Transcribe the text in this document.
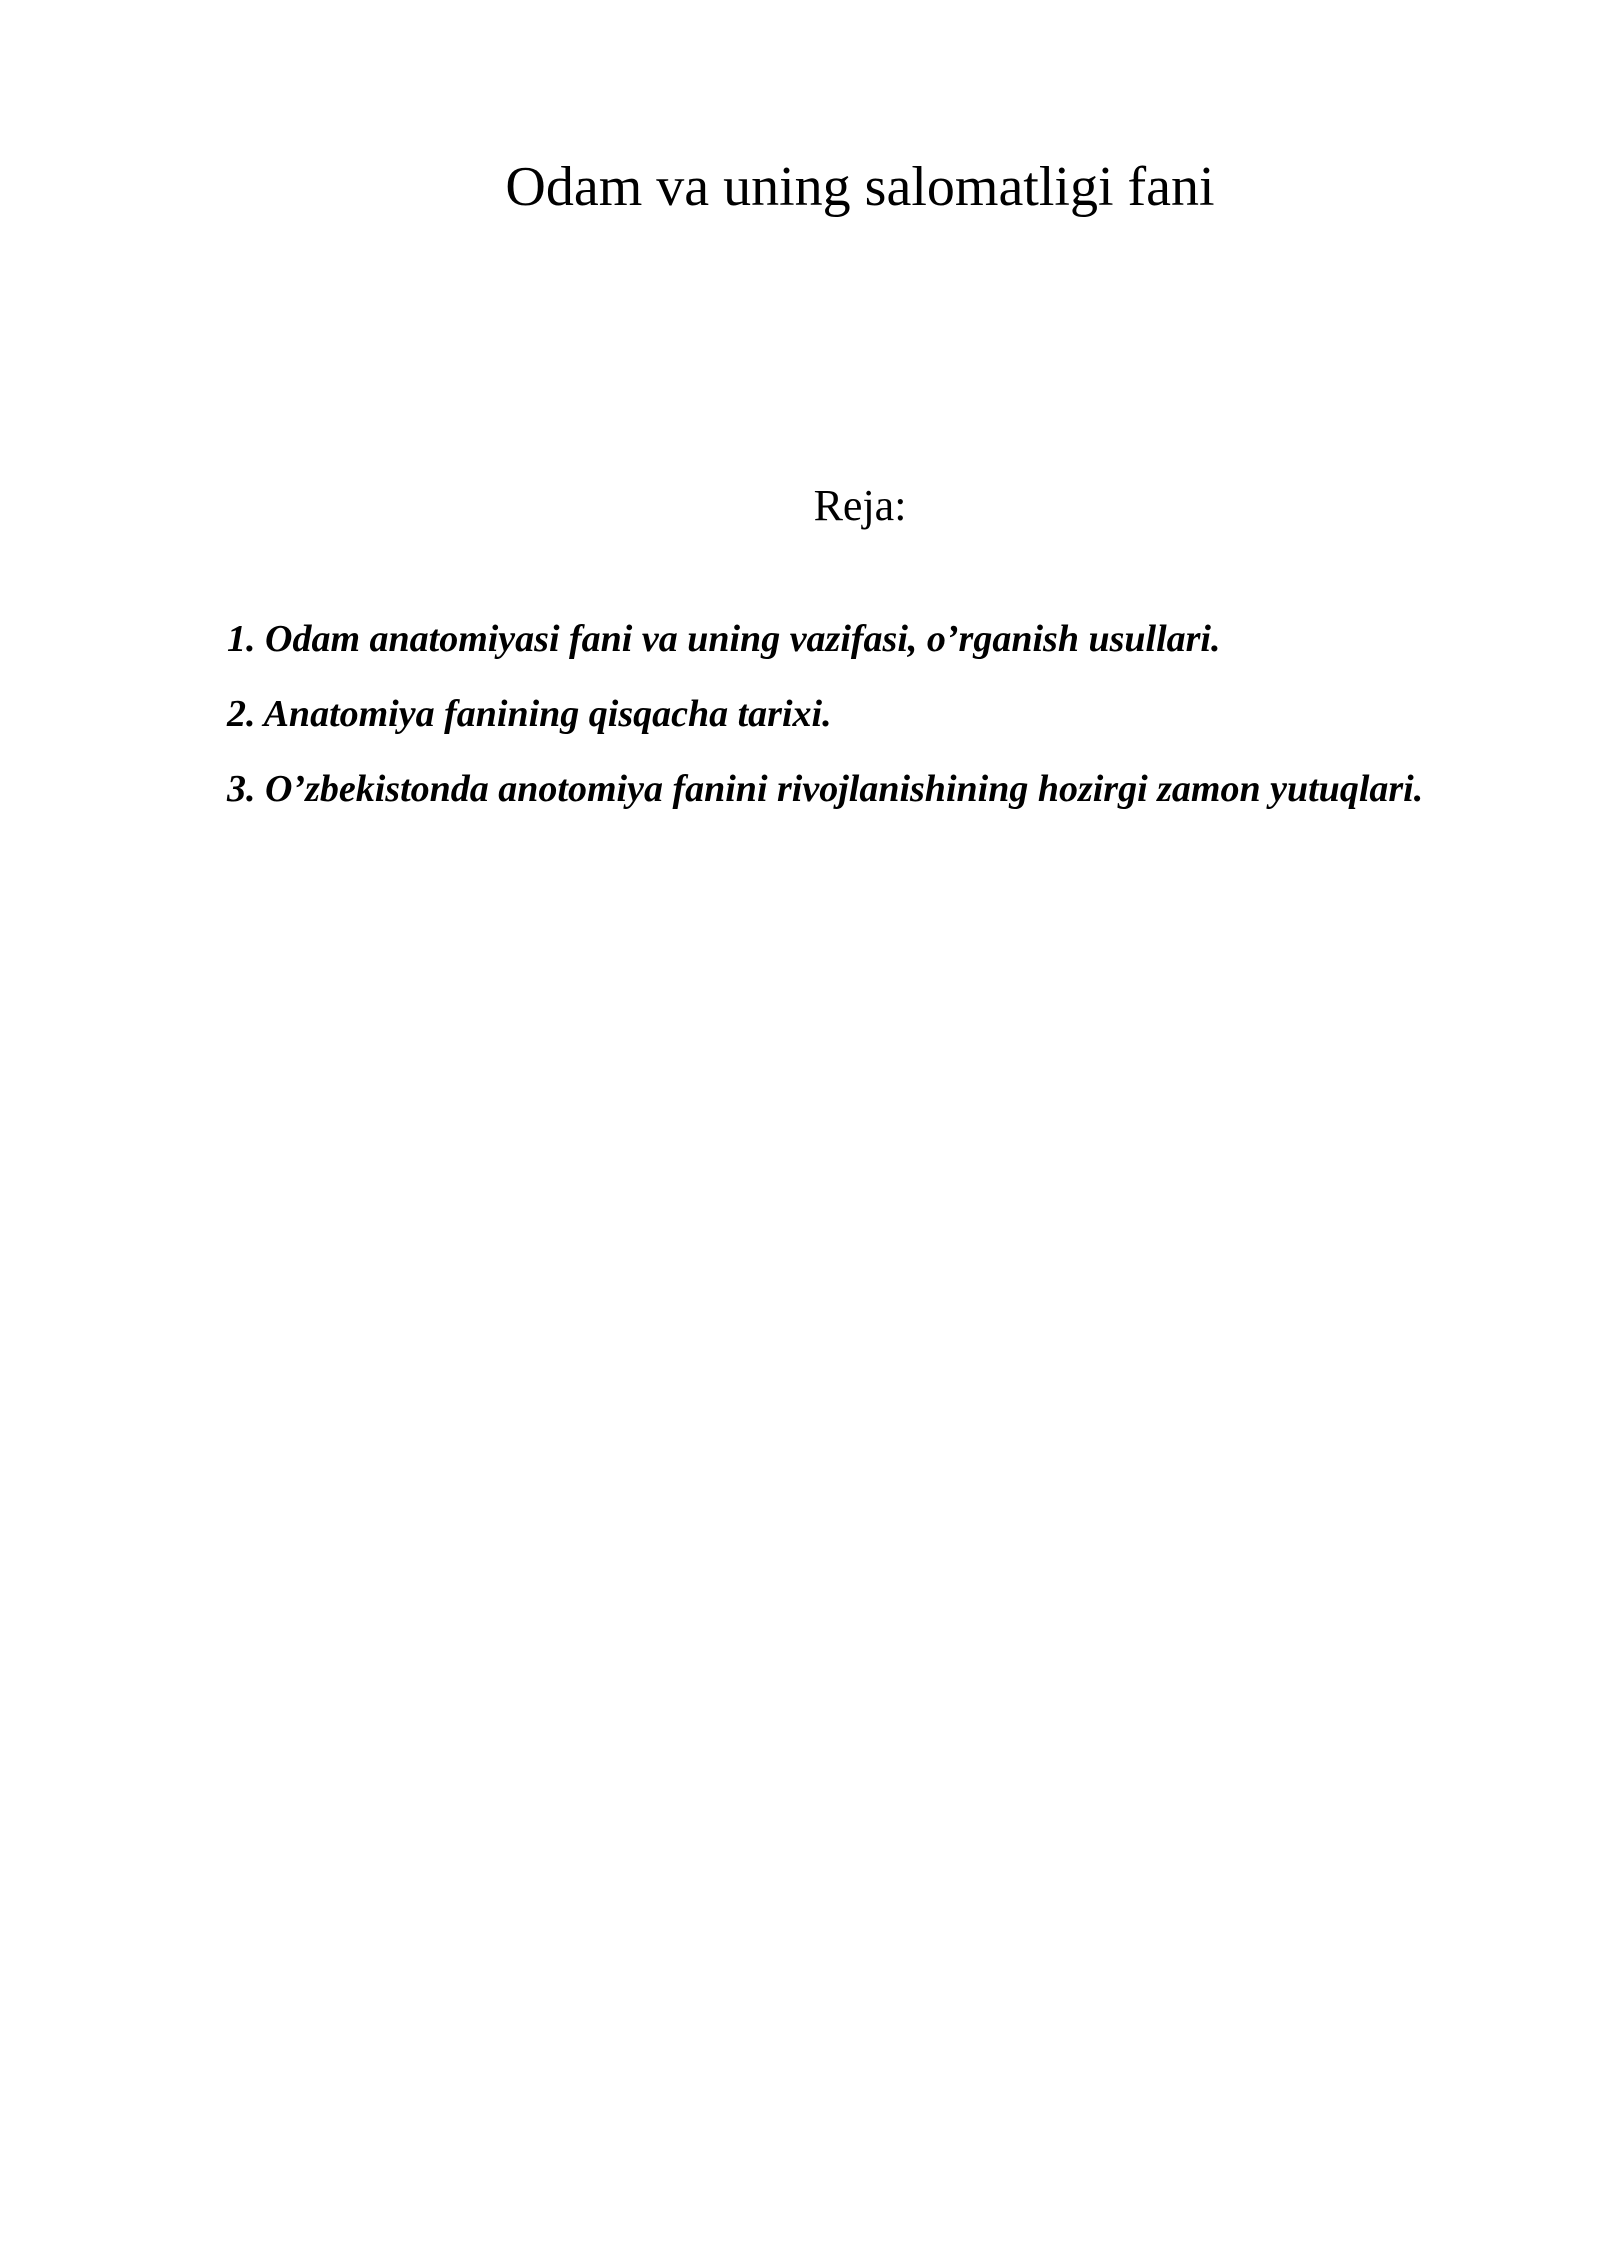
Odam va uning salomatligi fani
Reja:
1. Odam anatomiyasi fani va uning vazifasi, o’rganish usullari.
2. Anatomiya fanining qisqacha tarixi.
3. O’zbekistonda anotomiya fanini rivojlanishining hozirgi zamon yutuqlari.
